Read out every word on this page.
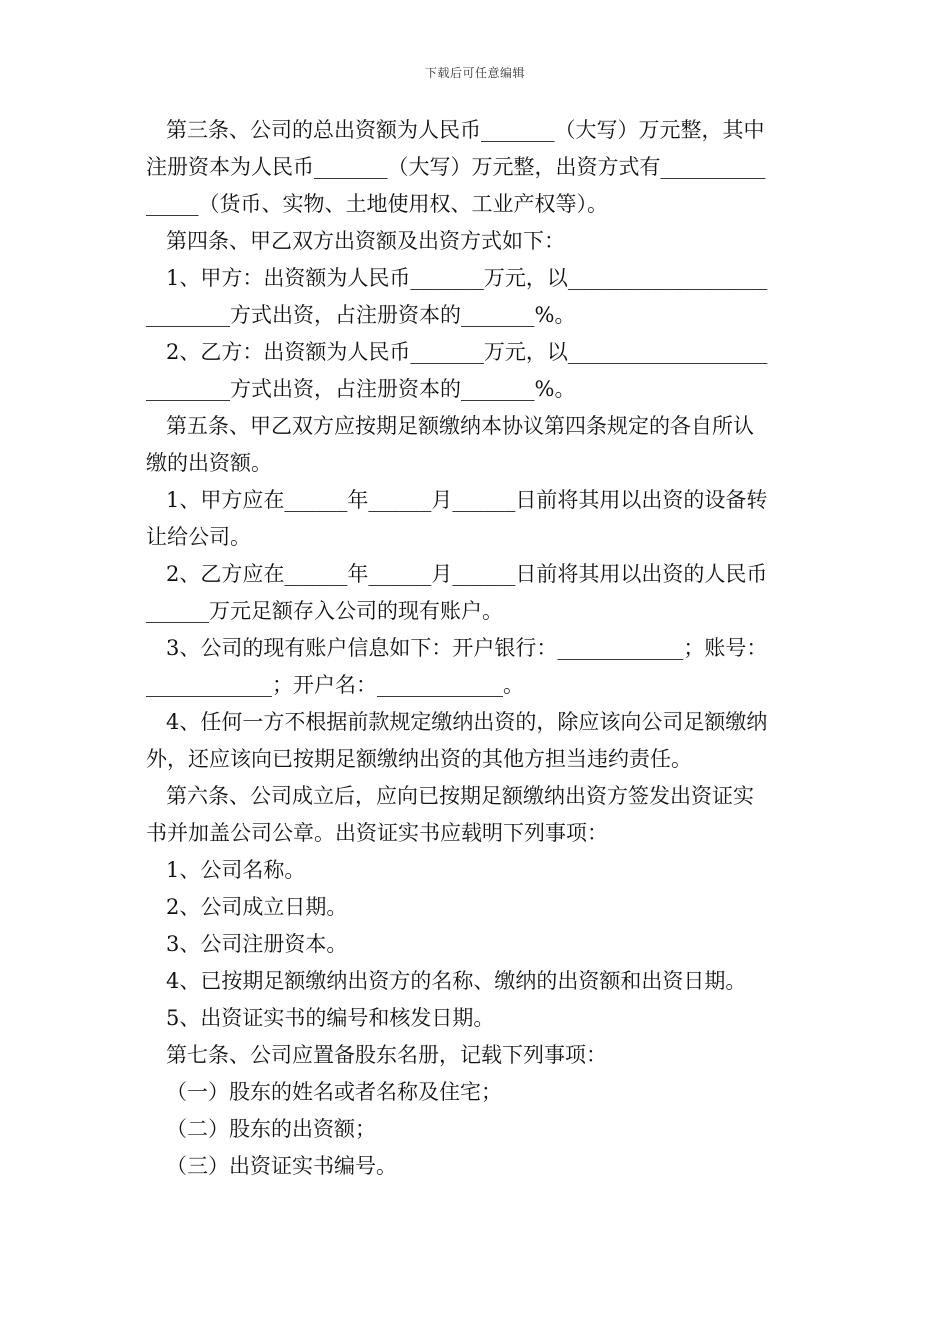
下载后可任意编辑

第三条、公司的总出资额为人民币_______（大写）万元整，其中

注册资本为人民币_______（大写）万元整，出资方式有__________

_____（货币、实物、土地使用权、工业产权等）。

第四条、甲乙双方出资额及出资方式如下：

1、甲方：出资额为人民币_______万元，以___________________

________方式出资，占注册资本的_______%。

2、乙方：出资额为人民币_______万元，以___________________

________方式出资，占注册资本的_______%。

第五条、甲乙双方应按期足额缴纳本协议第四条规定的各自所认

缴的出资额。

1、甲方应在______年______月______日前将其用以出资的设备转

让给公司。

2、乙方应在______年______月______日前将其用以出资的人民币

______万元足额存入公司的现有账户。

3、公司的现有账户信息如下：开户银行：____________；账号：

____________；开户名：____________。

4、任何一方不根据前款规定缴纳出资的，除应该向公司足额缴纳

外，还应该向已按期足额缴纳出资的其他方担当违约责任。

第六条、公司成立后，应向已按期足额缴纳出资方签发出资证实

书并加盖公司公章。出资证实书应载明下列事项：

1、公司名称。

2、公司成立日期。

3、公司注册资本。

4、已按期足额缴纳出资方的名称、缴纳的出资额和出资日期。

5、出资证实书的编号和核发日期。

第七条、公司应置备股东名册，记载下列事项：

（一）股东的姓名或者名称及住宅；

（二）股东的出资额；

（三）出资证实书编号。
